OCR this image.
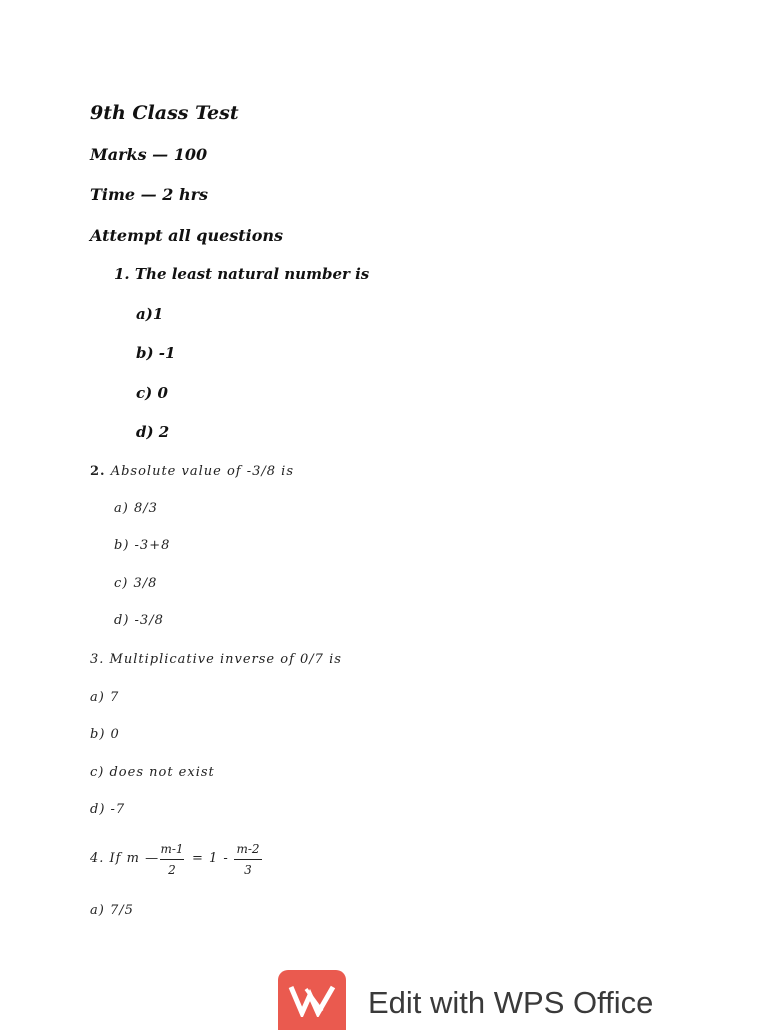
9th Class Test
Marks — 100
Time — 2 hrs
Attempt all questions
1. The least natural number is
a)1
b) -1
c) 0
d) 2
2. Absolute value of -3/8 is
a) 8/3
b) -3+8
c) 3/8
d) -3/8
3. Multiplicative inverse of 0/7 is
a) 7
b) 0
c) does not exist
d) -7
4. If m —
m-1
2
= 1 -
m-2
3
a) 7/5
Edit with WPS Office
